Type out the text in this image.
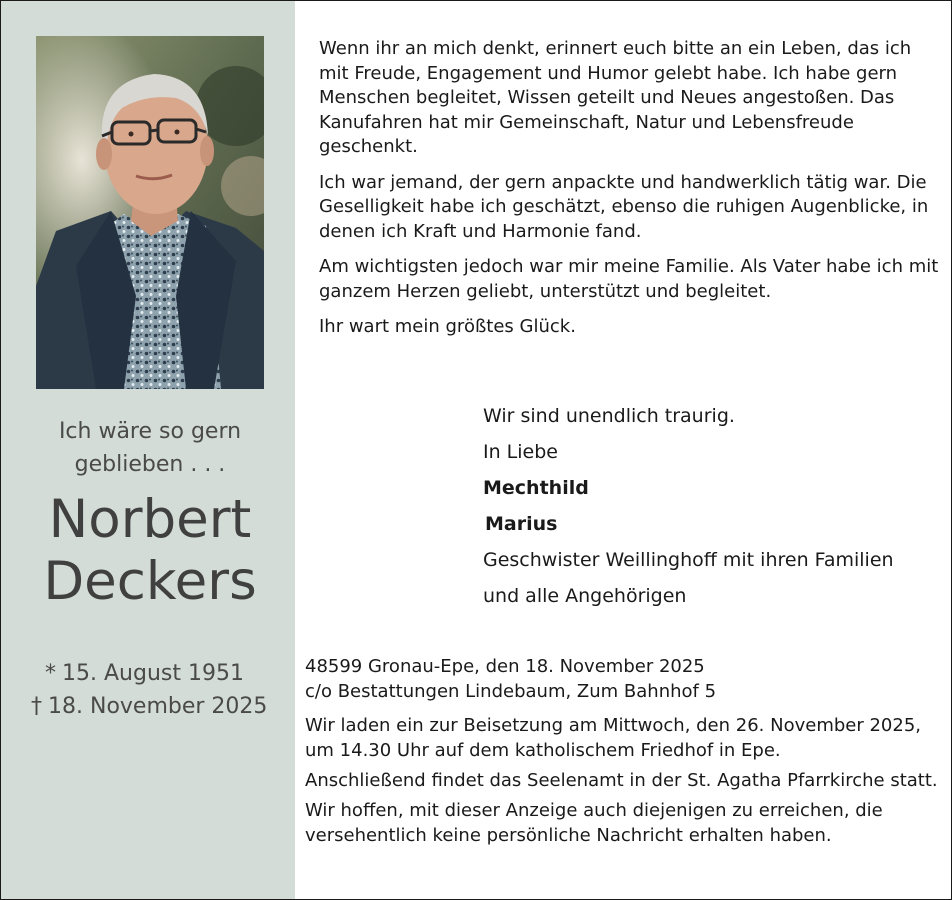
Ich wäre so gern
geblieben . . .
Norbert
Deckers
* 15. August 1951
† 18. November 2025

Wenn ihr an mich denkt, erinnert euch bitte an ein Leben, das ich mit Freude, Engagement und Humor gelebt habe. Ich habe gern Menschen begleitet, Wissen geteilt und Neues angestoßen. Das Kanufahren hat mir Gemeinschaft, Natur und Lebensfreude geschenkt.

Ich war jemand, der gern anpackte und handwerklich tätig war. Die Geselligkeit habe ich geschätzt, ebenso die ruhigen Augenblicke, in denen ich Kraft und Harmonie fand.

Am wichtigsten jedoch war mir meine Familie. Als Vater habe ich mit ganzem Herzen geliebt, unterstützt und begleitet.

Ihr wart mein größtes Glück.

Wir sind unendlich traurig.
In Liebe
Mechthild
Marius
Geschwister Weillinghoff mit ihren Familien
und alle Angehörigen
48599 Gronau-Epe, den 18. November 2025
c/o Bestattungen Lindebaum, Zum Bahnhof 5

Wir laden ein zur Beisetzung am Mittwoch, den 26. November 2025, um 14.30 Uhr auf dem katholischem Friedhof in Epe.

Anschließend findet das Seelenamt in der St. Agatha Pfarrkirche statt.

Wir hoffen, mit dieser Anzeige auch diejenigen zu erreichen, die versehentlich keine persönliche Nachricht erhalten haben.
